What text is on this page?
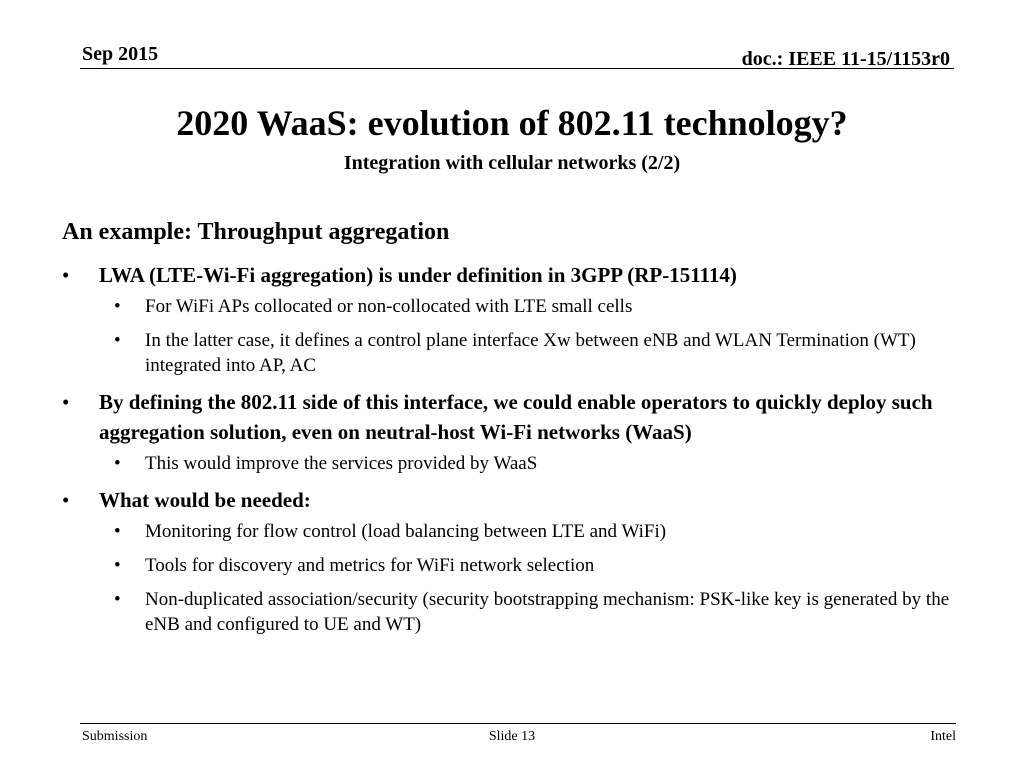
Sep 2015	doc.: IEEE 11-15/1153r0
2020 WaaS: evolution of 802.11 technology?
Integration with cellular networks (2/2)
An example: Throughput aggregation
• LWA (LTE-Wi-Fi aggregation) is under definition in 3GPP (RP-151114)
• For WiFi APs collocated or non-collocated with LTE small cells
• In the latter case, it defines a control plane interface Xw between eNB and WLAN Termination (WT) integrated into AP, AC
• By defining the 802.11 side of this interface, we could enable operators to quickly deploy such aggregation solution, even on neutral-host Wi-Fi networks (WaaS)
• This would improve the services provided by WaaS
• What would be needed:
• Monitoring for flow control (load balancing between LTE and WiFi)
• Tools for discovery and metrics for WiFi network selection
• Non-duplicated association/security (security bootstrapping mechanism: PSK-like key is generated by the eNB and configured to UE and WT)
Submission	Slide 13	Intel
